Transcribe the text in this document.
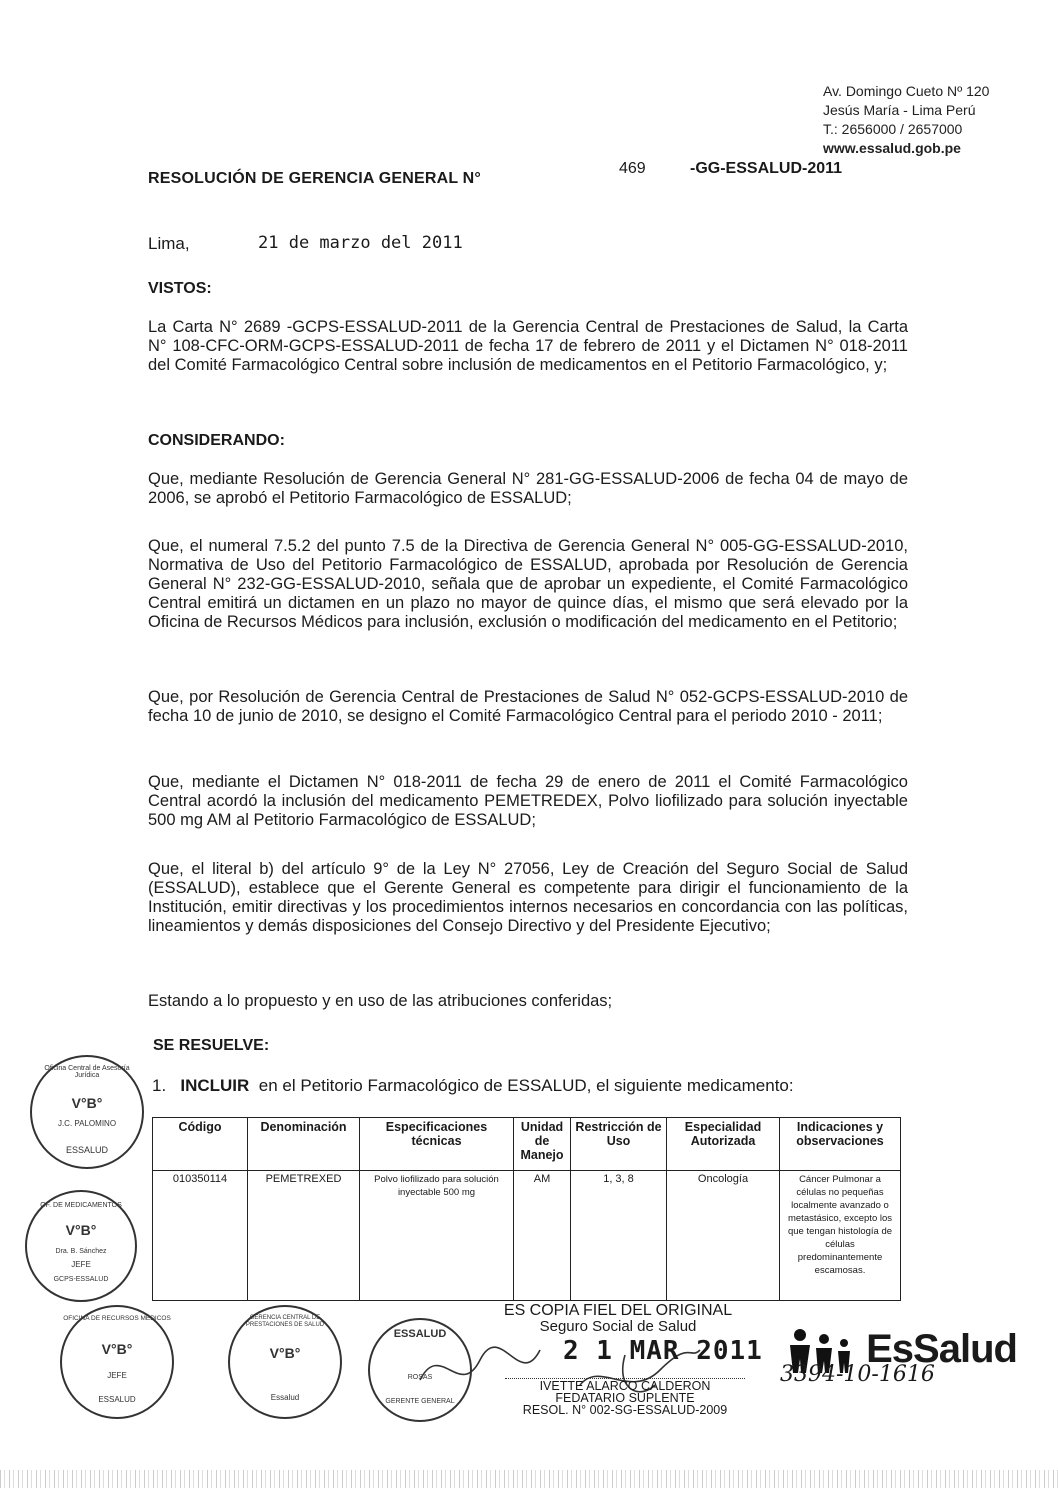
Av. Domingo Cueto Nº 120
Jesús María - Lima Perú
T.: 2656000 / 2657000
www.essalud.gob.pe
RESOLUCIÓN DE GERENCIA GENERAL N°
469	-GG-ESSALUD-2011
Lima,	21 de marzo del 2011
VISTOS:
La Carta N° 2689 -GCPS-ESSALUD-2011 de la Gerencia Central de Prestaciones de Salud, la Carta N° 108-CFC-ORM-GCPS-ESSALUD-2011 de fecha 17 de febrero de 2011 y el Dictamen N° 018-2011 del Comité Farmacológico Central sobre inclusión de medicamentos en el Petitorio Farmacológico, y;
CONSIDERANDO:
Que, mediante Resolución de Gerencia General N° 281-GG-ESSALUD-2006 de fecha 04 de mayo de 2006, se aprobó el Petitorio Farmacológico de ESSALUD;
Que, el numeral 7.5.2 del punto 7.5 de la Directiva de Gerencia General N° 005-GG-ESSALUD-2010, Normativa de Uso del Petitorio Farmacológico de ESSALUD, aprobada por Resolución de Gerencia General N° 232-GG-ESSALUD-2010, señala que de aprobar un expediente, el Comité Farmacológico Central emitirá un dictamen en un plazo no mayor de quince días, el mismo que será elevado por la Oficina de Recursos Médicos para inclusión, exclusión o modificación del medicamento en el Petitorio;
Que, por Resolución de Gerencia Central de Prestaciones de Salud N° 052-GCPS-ESSALUD-2010 de fecha 10 de junio de 2010, se designo el Comité Farmacológico Central para el periodo 2010 - 2011;
Que, mediante el Dictamen N° 018-2011 de fecha 29 de enero de 2011 el Comité Farmacológico Central acordó la inclusión del medicamento PEMETREDEX, Polvo liofilizado para solución inyectable 500 mg AM al Petitorio Farmacológico de ESSALUD;
Que, el literal b) del artículo 9° de la Ley N° 27056, Ley de Creación del Seguro Social de Salud (ESSALUD), establece que el Gerente General es competente para dirigir el funcionamiento de la Institución, emitir directivas y los procedimientos internos necesarios en concordancia con las políticas, lineamientos y demás disposiciones del Consejo Directivo y del Presidente Ejecutivo;
Estando a lo propuesto y en uso de las atribuciones conferidas;
SE RESUELVE:
1. INCLUIR en el Petitorio Farmacológico de ESSALUD, el siguiente medicamento:
Código	Denominación	Especificaciones técnicas	Unidad de Manejo	Restricción de Uso	Especialidad Autorizada	Indicaciones y observaciones
010350114	PEMETREXED	Polvo liofilizado para solución inyectable 500 mg	AM	1, 3, 8	Oncología	Cáncer Pulmonar a células no pequeñas localmente avanzado o metastásico, excepto los que tengan histología de células predominantemente escamosas.
Oficina Central de Asesoría Jurídica
V°B°
J.C. PALOMINO
ESSALUD
OF. DE MEDICAMENTOS
V°B°
Dra. B. Sánchez
JEFE
GCPS-ESSALUD
OFICINA DE RECURSOS MEDICOS
V°B°
JEFE
ESSALUD
GERENCIA CENTRAL DE PRESTACIONES DE SALUD
V°B°
Essalud
ESSALUD
ROSAS
GERENTE GENERAL
ES COPIA FIEL DEL ORIGINAL
Seguro Social de Salud
2 1 MAR 2011
IVETTE ALARCO CALDERON
FEDATARIO SUPLENTE
RESOL. N° 002-SG-ESSALUD-2009
EsSalud
3394-10-1616
